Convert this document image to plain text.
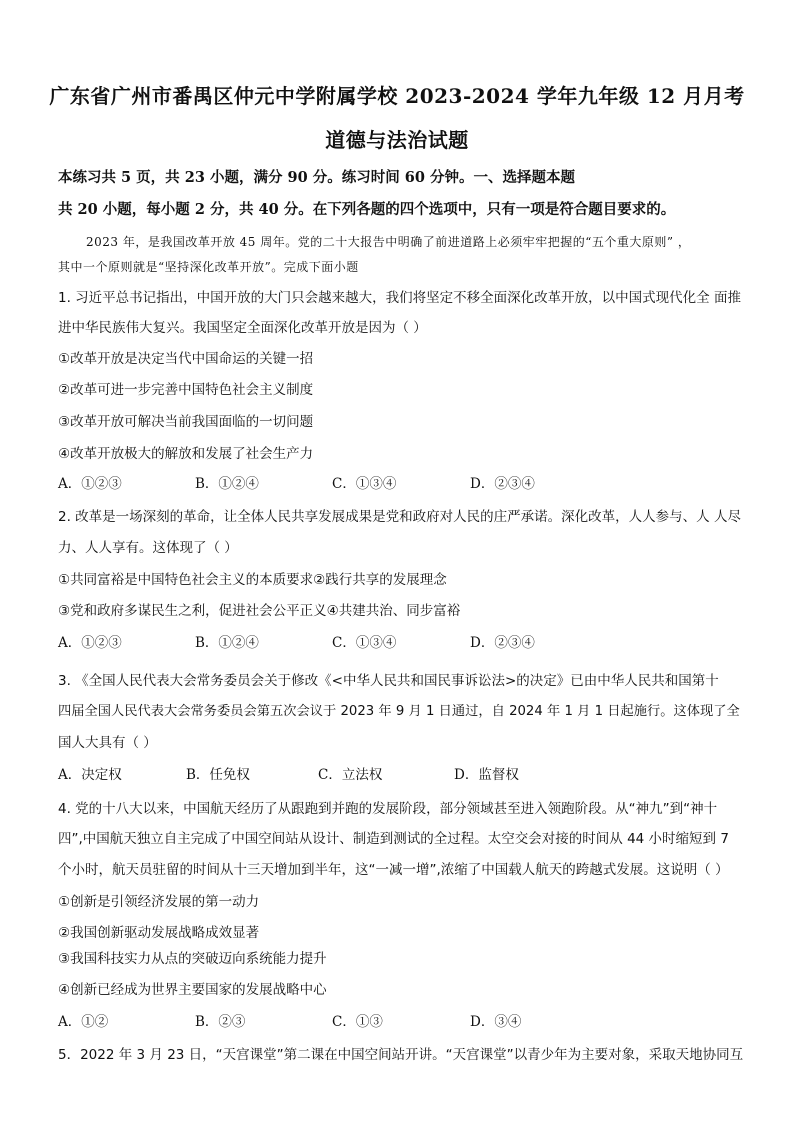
广东省广州市番禺区仲元中学附属学校 2023-2024 学年九年级 12 月月考
道德与法治试题
本练习共 5 页，共 23 小题，满分 90 分。练习时间 60 分钟。一、选择题本题
共 20 小题，每小题 2 分，共 40 分。在下列各题的四个选项中，只有一项是符合题目要求的。
2023 年，是我国改革开放 45 周年。党的二十大报告中明确了前进道路上必须牢牢把握的“五个重大原则” ，
其中一个原则就是“坚持深化改革开放”。完成下面小题
1. 习近平总书记指出，中国开放的大门只会越来越大，我们将坚定不移全面深化改革开放，以中国式现代化全 面推
进中华民族伟大复兴。我国坚定全面深化改革开放是因为（ ）
①改革开放是决定当代中国命运的关键一招
②改革可进一步完善中国特色社会主义制度
③改革开放可解决当前我国面临的一切问题
④改革开放极大的解放和发展了社会生产力
A．①②③	B．①②④	C．①③④	D．②③④
2. 改革是一场深刻的革命，让全体人民共享发展成果是党和政府对人民的庄严承诺。深化改革，人人参与、人 人尽
力、人人享有。这体现了（ ）
①共同富裕是中国特色社会主义的本质要求②践行共享的发展理念
③党和政府多谋民生之利，促进社会公平正义④共建共治、同步富裕
A．①②③	B．①②④	C．①③④	D．②③④
3. 《全国人民代表大会常务委员会关于修改《<中华人民共和国民事诉讼法>的决定》已由中华人民共和国第十
四届全国人民代表大会常务委员会第五次会议于 2023 年 9 月 1 日通过，自 2024 年 1 月 1 日起施行。这体现了全
国人大具有（ ）
A．决定权	B．任免权	C．立法权	D．监督权
4. 党的十八大以来，中国航天经历了从跟跑到并跑的发展阶段，部分领域甚至进入领跑阶段。从“神九”到“神十
四”,中国航天独立自主完成了中国空间站从设计、制造到测试的全过程。太空交会对接的时间从 44 小时缩短到 7
个小时，航天员驻留的时间从十三天增加到半年，这“一减一增”,浓缩了中国载人航天的跨越式发展。这说明（ ）
①创新是引领经济发展的第一动力
②我国创新驱动发展战略成效显著
③我国科技实力从点的突破迈向系统能力提升
④创新已经成为世界主要国家的发展战略中心
A．①②	B．②③	C．①③	D．③④
5．2022 年 3 月 23 日，“天宫课堂”第二课在中国空间站开讲。“天宫课堂”以青少年为主要对象，采取天地协同互
